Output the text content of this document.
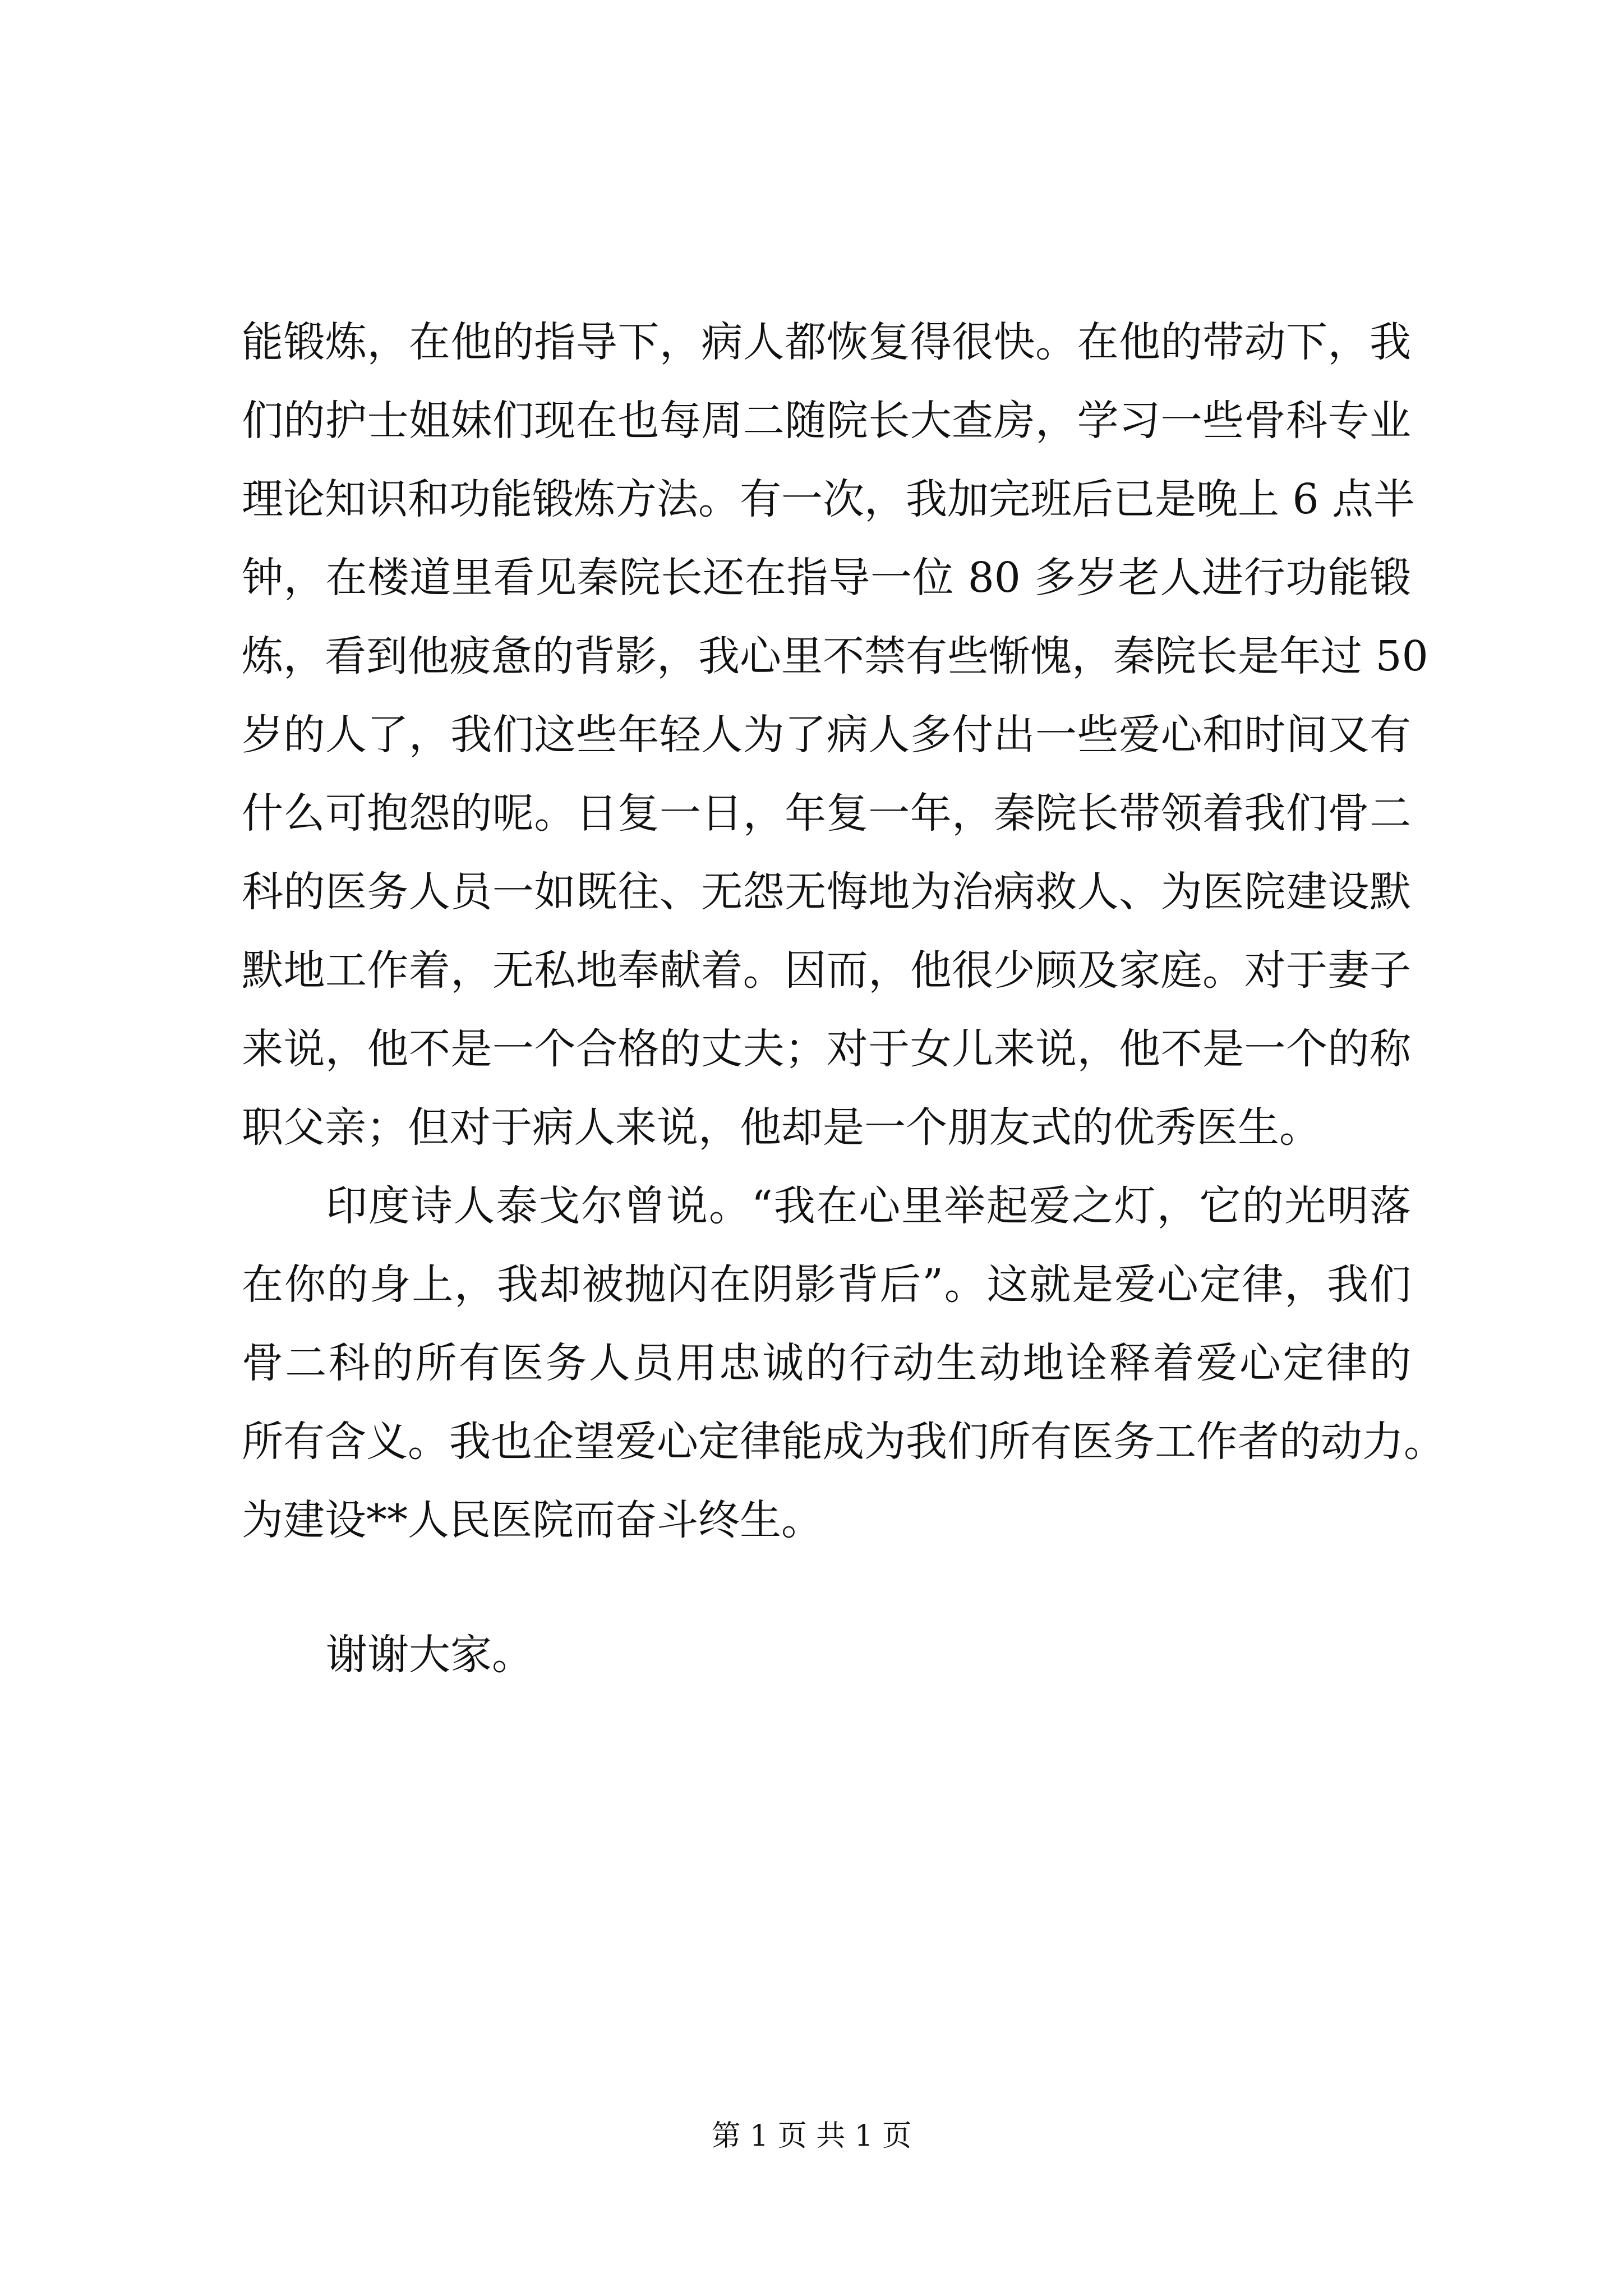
能锻炼，在他的指导下，病人都恢复得很快。在他的带动下，我
们的护士姐妹们现在也每周二随院长大查房，学习一些骨科专业
理论知识和功能锻炼方法。有一次，我加完班后已是晚上 6 点半
钟，在楼道里看见秦院长还在指导一位 80 多岁老人进行功能锻
炼，看到他疲惫的背影，我心里不禁有些惭愧，秦院长是年过 50
岁的人了，我们这些年轻人为了病人多付出一些爱心和时间又有
什么可抱怨的呢。日复一日，年复一年，秦院长带领着我们骨二
科的医务人员一如既往、无怨无悔地为治病救人、为医院建设默
默地工作着，无私地奉献着。因而，他很少顾及家庭。对于妻子
来说，他不是一个合格的丈夫；对于女儿来说，他不是一个的称
职父亲；但对于病人来说，他却是一个朋友式的优秀医生。
印度诗人泰戈尔曾说。“我在心里举起爱之灯，它的光明落
在你的身上，我却被抛闪在阴影背后”。这就是爱心定律，我们
骨二科的所有医务人员用忠诚的行动生动地诠释着爱心定律的
所有含义。我也企望爱心定律能成为我们所有医务工作者的动力。
为建设**人民医院而奋斗终生。
谢谢大家。
第 1 页 共 1 页
